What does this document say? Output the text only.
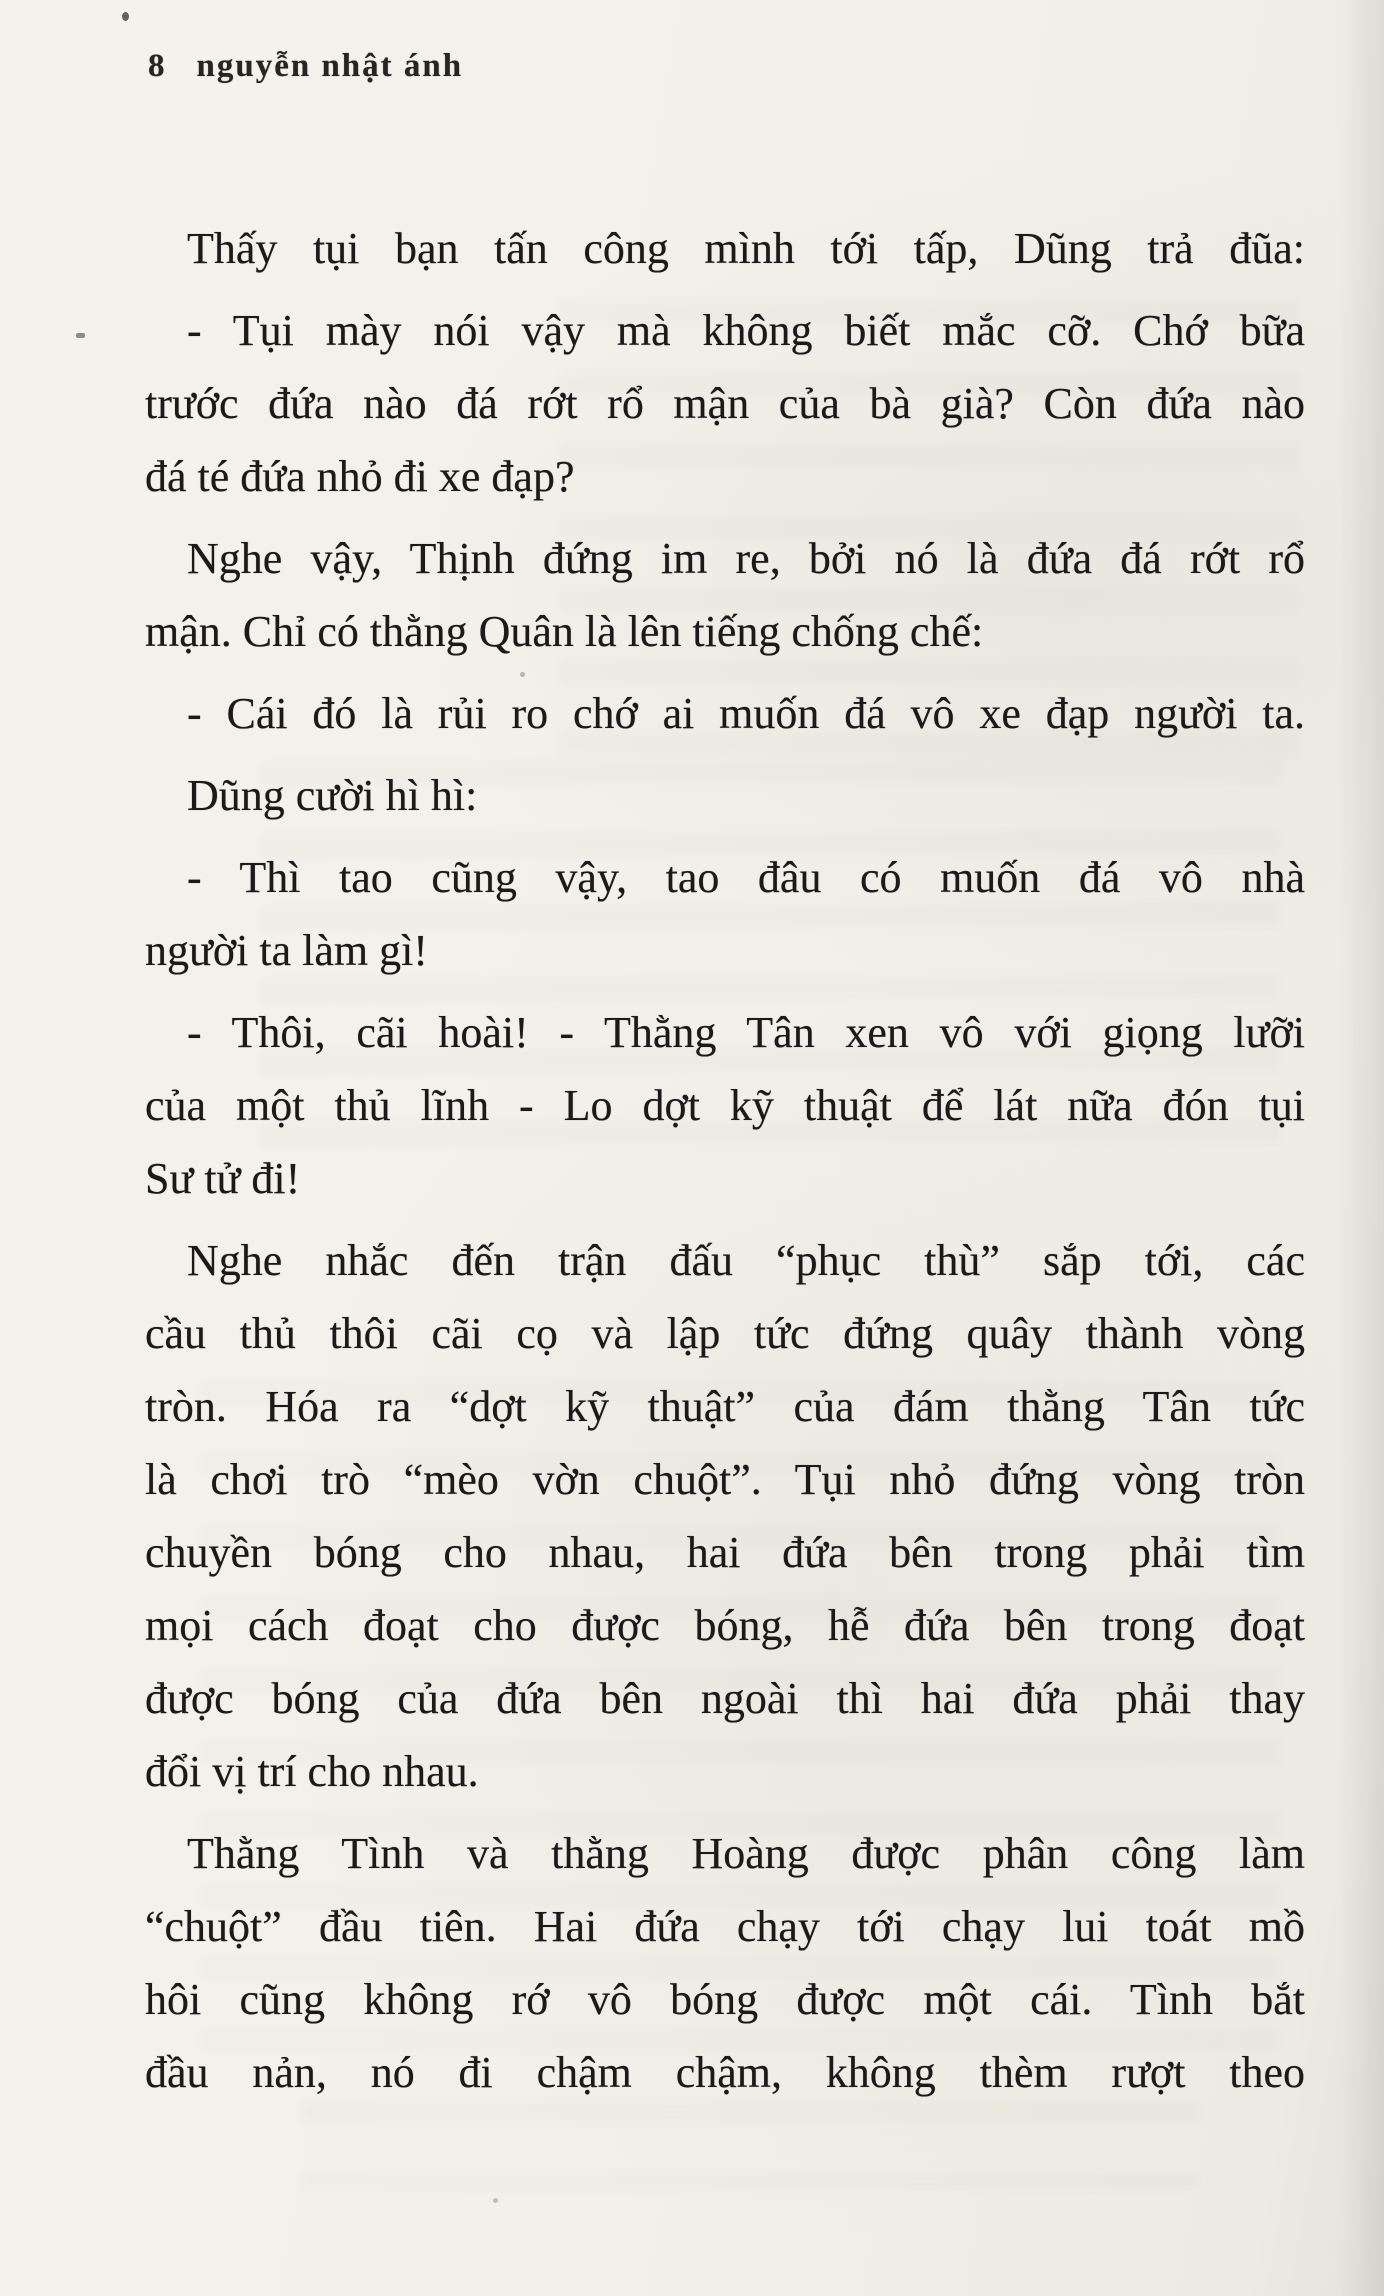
8 nguyễn nhật ánh
Thấy tụi bạn tấn công mình tới tấp, Dũng trả đũa:
- Tụi mày nói vậy mà không biết mắc cỡ. Chớ bữa
trước đứa nào đá rớt rổ mận của bà già? Còn đứa nào
đá té đứa nhỏ đi xe đạp?
Nghe vậy, Thịnh đứng im re, bởi nó là đứa đá rớt rổ
mận. Chỉ có thằng Quân là lên tiếng chống chế:
- Cái đó là rủi ro chớ ai muốn đá vô xe đạp người ta.
Dũng cười hì hì:
- Thì tao cũng vậy, tao đâu có muốn đá vô nhà
người ta làm gì!
- Thôi, cãi hoài! - Thằng Tân xen vô với giọng lưỡi
của một thủ lĩnh - Lo dợt kỹ thuật để lát nữa đón tụi
Sư tử đi!
Nghe nhắc đến trận đấu “phục thù” sắp tới, các
cầu thủ thôi cãi cọ và lập tức đứng quây thành vòng
tròn. Hóa ra “dợt kỹ thuật” của đám thằng Tân tức
là chơi trò “mèo vờn chuột”. Tụi nhỏ đứng vòng tròn
chuyền bóng cho nhau, hai đứa bên trong phải tìm
mọi cách đoạt cho được bóng, hễ đứa bên trong đoạt
được bóng của đứa bên ngoài thì hai đứa phải thay
đổi vị trí cho nhau.
Thằng Tình và thằng Hoàng được phân công làm
“chuột” đầu tiên. Hai đứa chạy tới chạy lui toát mồ
hôi cũng không rớ vô bóng được một cái. Tình bắt
đầu nản, nó đi chậm chậm, không thèm rượt theo
